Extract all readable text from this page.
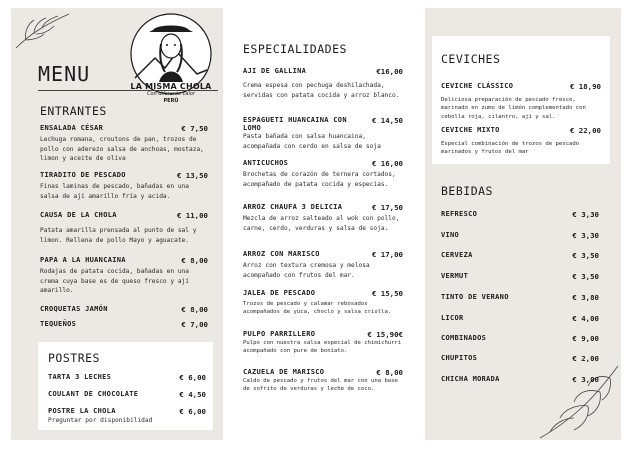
LA MISMA CHOLA
Con diferente calor
PERÚ
MENU
ENTRANTES
ENSALADA CÉSAR	€ 7,50
Lechuga romana, croutons de pan, trozos de pollo con aderezo salsa de anchoas, mostaza, limon y aceite de oliva
TIRADITO DE PESCADO	€ 13,50
Finas laminas de pescado, bañadas en una salsa de ají amarillo fría y acida.
CAUSA DE LA CHOLA	€ 11,00
Patata amarilla prensada al punto de sal y limon. Rellena de pollo Mayo y aguacate.
PAPA A LA HUANCAINA	€ 8,00
Rodajas de patata cocida, bañadas en una crema cuya base es de queso fresco y ají amarillo.
CROQUETAS JAMÓN	€ 8,00
TEQUEÑOS	€ 7,00
POSTRES
TARTA 3 LECHES	€ 6,00
COULANT DE CHOCOLATE	€ 4,50
POSTRE LA CHOLA	€ 6,00
Preguntar por disponibilidad
ESPECIALIDADES
AJI DE GALLINA	€16,00
Crema espesa con pechuga deshilachada, servidas con patata cocida y arroz blanco.
ESPAGUETI HUANCAINA CON LOMO
€ 14,50
Pasta bañada con salsa huancaina, acompañada con cerdo en salsa de soja
ANTICUCHOS	€ 16,00
Brochetas de corazón de ternera cortados, acompañado de patata cocida y especias.
ARROZ CHAUFA 3 DELICIA	€ 17,50
Mezcla de arroz salteado al wok con pollo, carne, cerdo, verduras y salsa de soja.
ARROZ CON MARISCO	€ 17,00
Arroz con textura cremosa y melosa acompañado con frutos del mar.
JALEA DE PESCADO	€ 15,50
Trozos de pescado y calamar rebosados acompañados de yuca, choclo y salsa criolla.
PULPO PARRILLERO	€ 15,90€
Pulpo con nuestra salsa especial de chimichurri acompañado con pure de boniato.
CAZUELA DE MARISCO	€ 8,00
Caldo de pescado y frutos del mar con una base de sofrito de verduras y leche de coco.
CEVICHES
CEVICHE CLÁSSICO	€ 18,90
Deliciosa preparación de pescado fresco, marinado en zumo de limón complementado con cebolla roja, cilantro, ají y sal.
CEVICHE MIXTO	€ 22,00
Especial combinación de trozos de pescado marinados y frutos del mar
BEBIDAS
REFRESCO	€ 3,30
VINO	€ 3,30
CERVEZA	€ 3,50
VERMUT	€ 3,50
TINTO DE VERANO	€ 3,80
LICOR	€ 4,00
COMBINADOS	€ 9,00
CHUPITOS	€ 2,00
CHICHA MORADA	€ 3,00
